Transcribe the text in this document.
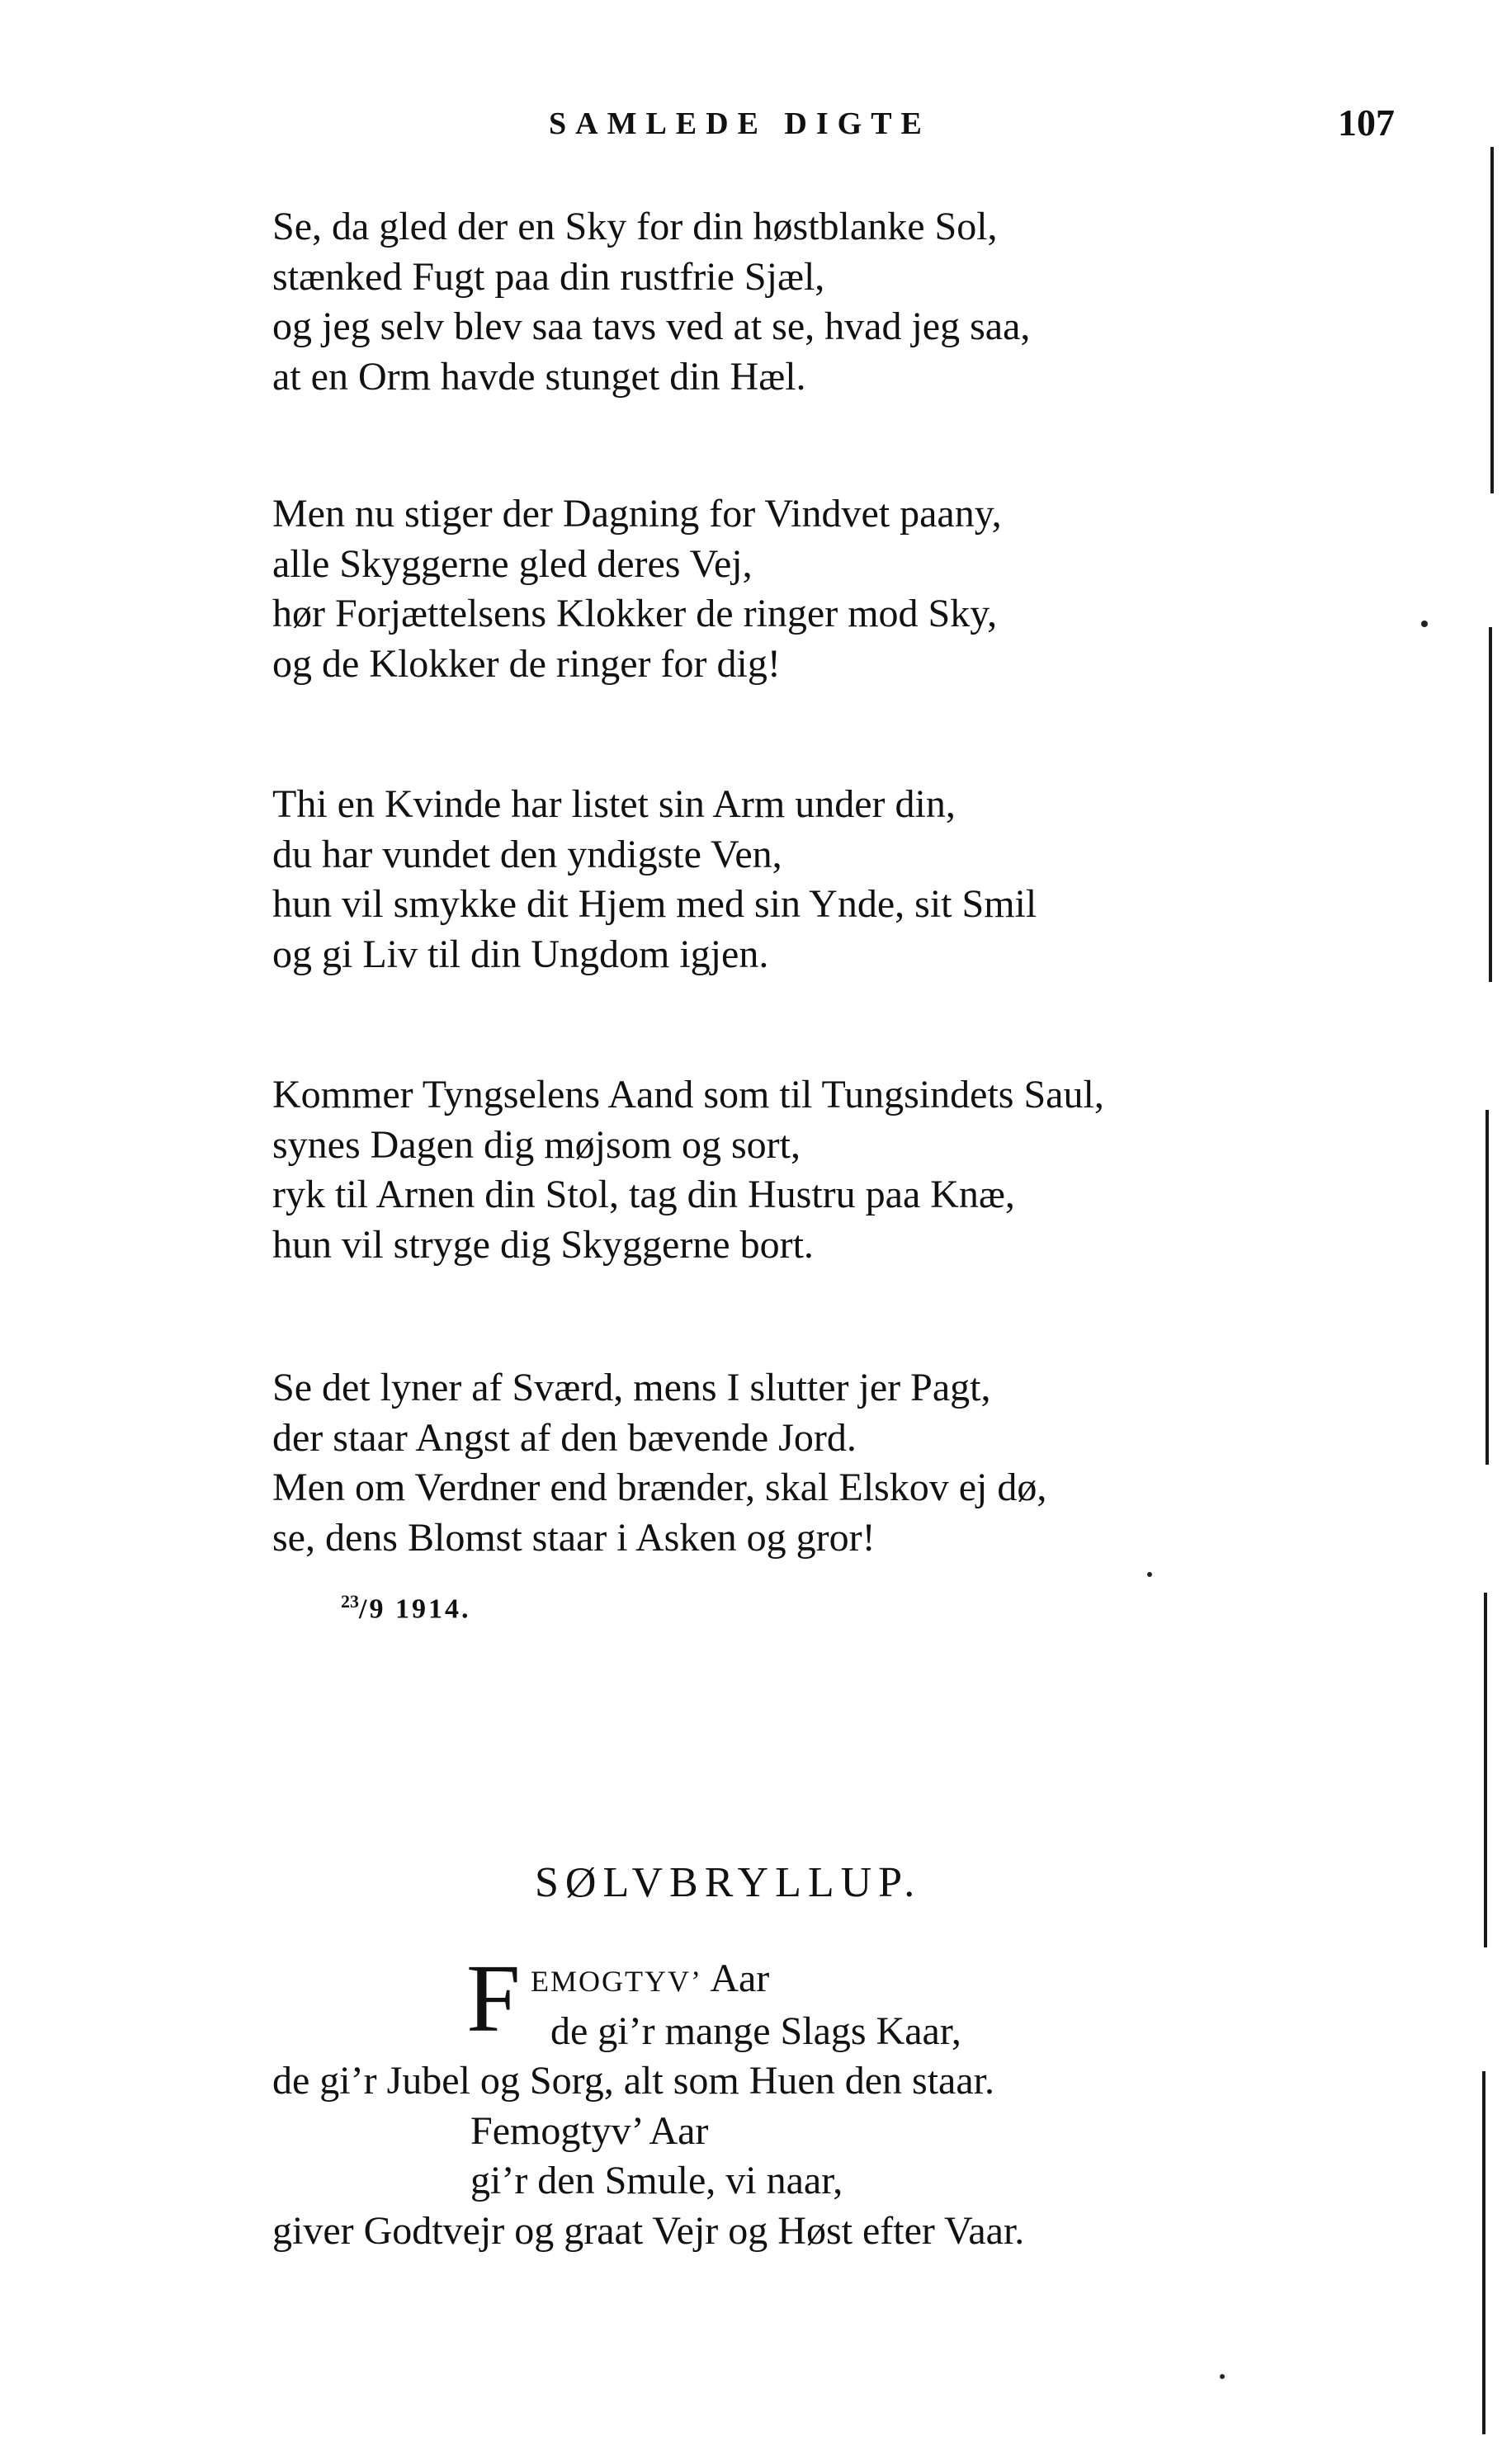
SAMLEDE DIGTE	107
Se, da gled der en Sky for din høstblanke Sol,
stænked Fugt paa din rustfrie Sjæl,
og jeg selv blev saa tavs ved at se, hvad jeg saa,
at en Orm havde stunget din Hæl.
Men nu stiger der Dagning for Vindvet paany,
alle Skyggerne gled deres Vej,
hør Forjættelsens Klokker de ringer mod Sky,
og de Klokker de ringer for dig!
Thi en Kvinde har listet sin Arm under din,
du har vundet den yndigste Ven,
hun vil smykke dit Hjem med sin Ynde, sit Smil
og gi Liv til din Ungdom igjen.
Kommer Tyngselens Aand som til Tungsindets Saul,
synes Dagen dig møjsom og sort,
ryk til Arnen din Stol, tag din Hustru paa Knæ,
hun vil stryge dig Skyggerne bort.
Se det lyner af Sværd, mens I slutter jer Pagt,
der staar Angst af den bævende Jord.
Men om Verdner end brænder, skal Elskov ej dø,
se, dens Blomst staar i Asken og gror!
$^{23}$/9 1914.
SØLVBRYLLUP.
F EMOGTYV’ Aar
de gi’r mange Slags Kaar,
de gi’r Jubel og Sorg, alt som Huen den staar.
Femogtyv’ Aar
gi’r den Smule, vi naar,
giver Godtvejr og graat Vejr og Høst efter Vaar.
